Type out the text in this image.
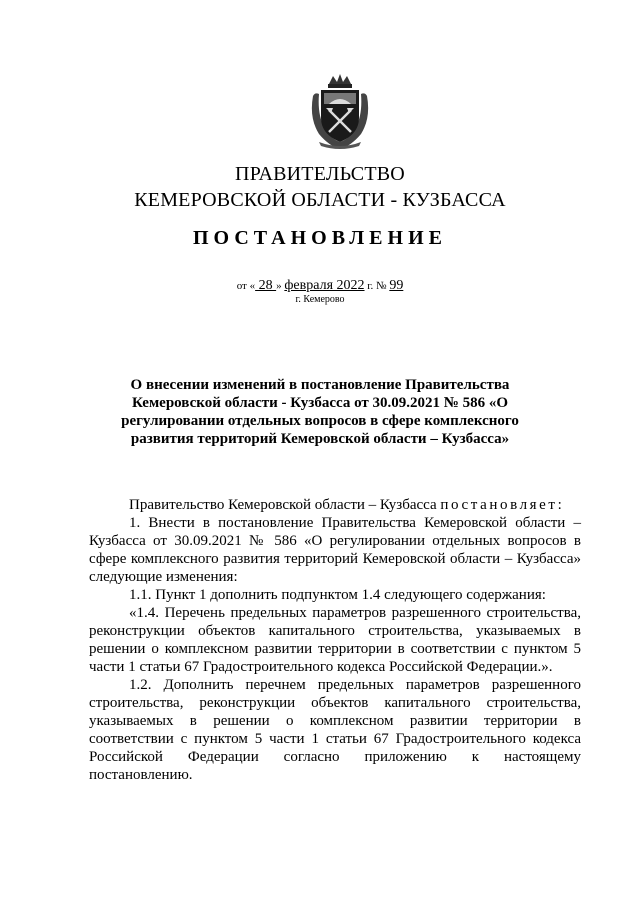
ПРАВИТЕЛЬСТВО
КЕМЕРОВСКОЙ ОБЛАСТИ - КУЗБАССА
ПОСТАНОВЛЕНИЕ
от « 28 » февраля 2022 г. № 99
г. Кемерово
О внесении изменений в постановление Правительства Кемеровской области - Кузбасса от 30.09.2021 № 586 «О регулировании отдельных вопросов в сфере комплексного развития территорий Кемеровской области – Кузбасса»

Правительство Кемеровской области – Кузбасса постановляет:

1. Внести в постановление Правительства Кемеровской области – Кузбасса от 30.09.2021 № 586 «О регулировании отдельных вопросов в сфере комплексного развития территорий Кемеровской области – Кузбасса» следующие изменения:

1.1. Пункт 1 дополнить подпунктом 1.4 следующего содержания:

«1.4. Перечень предельных параметров разрешенного строительства, реконструкции объектов капитального строительства, указываемых в решении о комплексном развитии территории в соответствии с пунктом 5 части 1 статьи 67 Градостроительного кодекса Российской Федерации.».

1.2. Дополнить перечнем предельных параметров разрешенного строительства, реконструкции объектов капитального строительства, указываемых в решении о комплексном развитии территории в соответствии с пунктом 5 части 1 статьи 67 Градостроительного кодекса Российской Федерации согласно приложению к настоящему постановлению.
